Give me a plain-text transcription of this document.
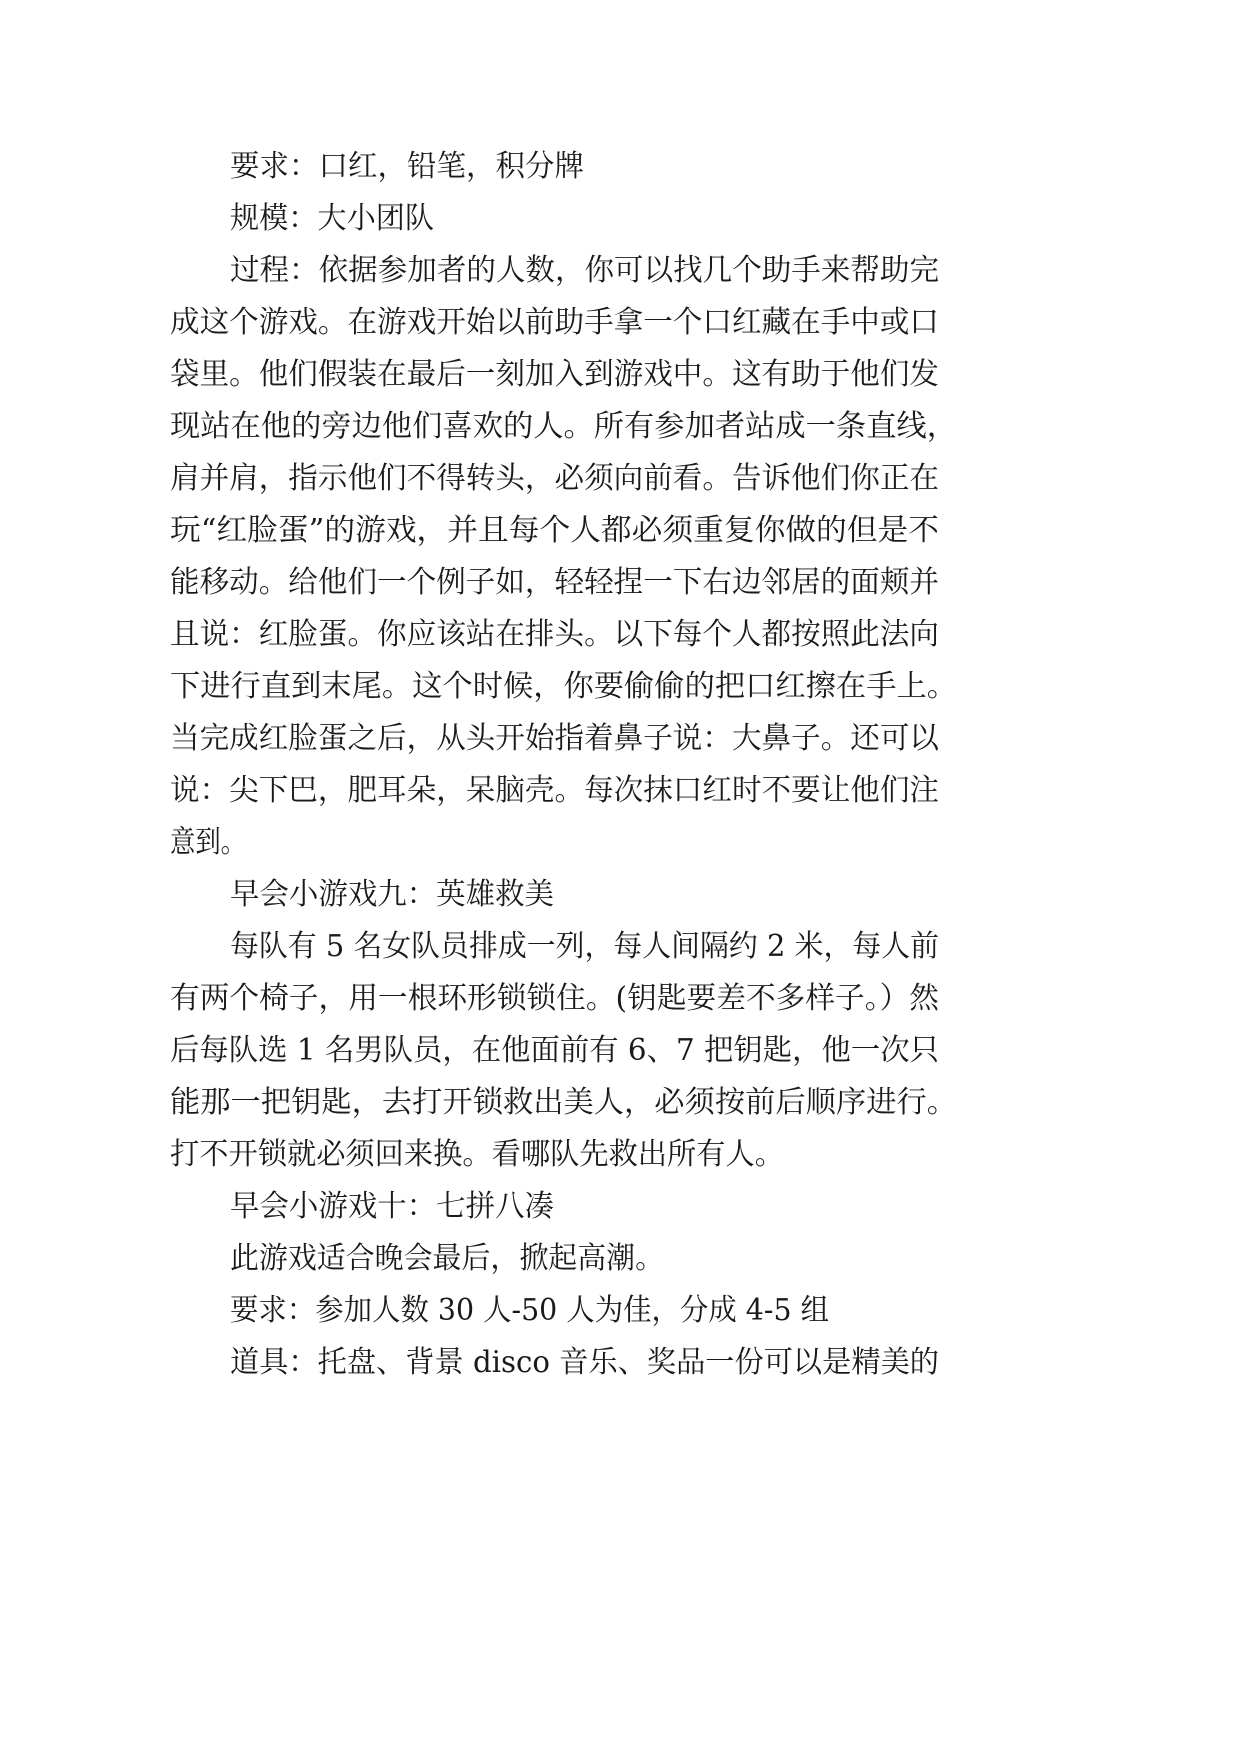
要求：口红，铅笔，积分牌
规模：大小团队
过程：依据参加者的人数，你可以找几个助手来帮助完
成这个游戏。在游戏开始以前助手拿一个口红藏在手中或口
袋里。他们假装在最后一刻加入到游戏中。这有助于他们发
现站在他的旁边他们喜欢的人。所有参加者站成一条直线，
肩并肩，指示他们不得转头，必须向前看。告诉他们你正在
玩“红脸蛋”的游戏，并且每个人都必须重复你做的但是不
能移动。给他们一个例子如，轻轻捏一下右边邻居的面颊并
且说：红脸蛋。你应该站在排头。以下每个人都按照此法向
下进行直到末尾。这个时候，你要偷偷的把口红擦在手上。
当完成红脸蛋之后，从头开始指着鼻子说：大鼻子。还可以
说：尖下巴，肥耳朵，呆脑壳。每次抹口红时不要让他们注
意到。
早会小游戏九：英雄救美
每队有 5 名女队员排成一列，每人间隔约 2 米，每人前
有两个椅子，用一根环形锁锁住。(钥匙要差不多样子。）然
后每队选 1 名男队员，在他面前有 6、7 把钥匙，他一次只
能那一把钥匙，去打开锁救出美人，必须按前后顺序进行。
打不开锁就必须回来换。看哪队先救出所有人。
早会小游戏十：七拼八凑
此游戏适合晚会最后，掀起高潮。
要求：参加人数 30 人-50 人为佳，分成 4-5 组
道具：托盘、背景 disco 音乐、奖品一份可以是精美的
